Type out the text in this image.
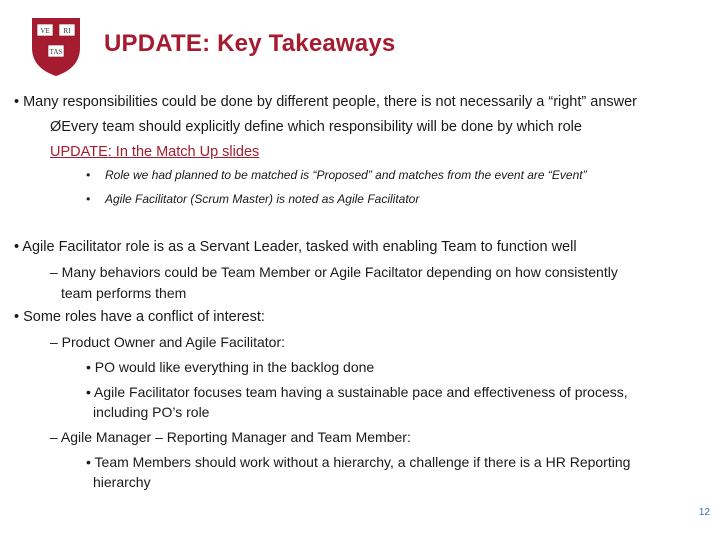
VE RI
TAS UPDATE: Key Takeaways
• Many responsibilities could be done by different people, there is not necessarily a “right” answer
ØEvery team should explicitly define which responsibility will be done by which role
UPDATE: In the Match Up slides
• Role we had planned to be matched is “Proposed” and matches from the event are “Event”
• Agile Facilitator (Scrum Master) is noted as Agile Facilitator
• Agile Facilitator role is as a Servant Leader, tasked with enabling Team to function well
– Many behaviors could be Team Member or Agile Faciltator depending on how consistently
team performs them
• Some roles have a conflict of interest:
– Product Owner and Agile Facilitator:
• PO would like everything in the backlog done
• Agile Facilitator focuses team having a sustainable pace and effectiveness of process,
including PO’s role
– Agile Manager – Reporting Manager and Team Member:
• Team Members should work without a hierarchy, a challenge if there is a HR Reporting
hierarchy
12
